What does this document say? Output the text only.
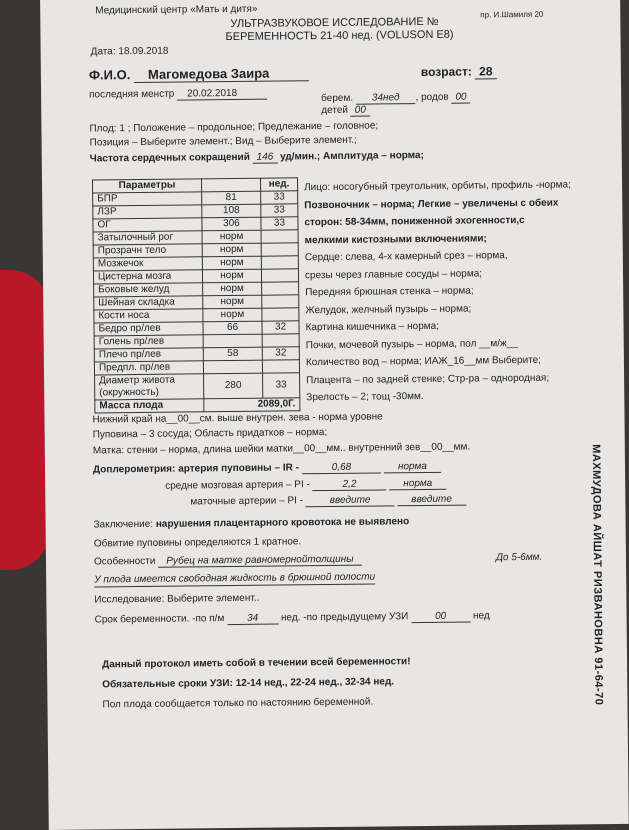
Медицинский центр «Мать и дитя»	пр. И.Шамиля 20
УЛЬТРАЗВУКОВОЕ ИССЛЕДОВАНИЕ №
БЕРЕМЕННОСТЬ 21-40 нед. (VOLUSON E8)
Дата: 18.09.2018
Ф.И.О. Магомедова Заира	возраст: 28
последняя менстр 20.02.2018	берем. 34нед , родов 00
детей 00
Плод: 1 ; Положение – продольное; Предлежание – головное;
Позиция – Выберите элемент.; Вид – Выберите элемент.;
Частота сердечных сокращений 146 уд/мин.; Амплитуда – норма;
Параметры		нед.
БПР	81	33
ЛЗР	108	33
ОГ	306	33
Затылочный рог	норм	
Прозрачн тело	норм	
Мозжечок	норм	
Цистерна мозга	норм	
Боковые желуд	норм	
Шейная складка	норм	
Кости носа	норм	
Бедро пр/лев	66	32
Голень пр/лев		
Плечо пр/лев	58	32
Предпл. пр/лев		
Диаметр живота (окружность)	280	33
Масса плода	2089,0Г.	
Лицо: носогубный треугольник, орбиты, профиль -норма;
Позвоночник – норма; Легкие – увеличены с обеих
сторон: 58-34мм, пониженной эхогенности,с
мелкими кистозными включениями;
Сердце: слева, 4-х камерный срез – норма,
срезы через главные сосуды – норма;
Передняя брюшная стенка – норма;
Желудок, желчный пузырь – норма;
Картина кишечника – норма;
Почки, мочевой пузырь – норма, пол __м/ж__
Количество вод – норма; ИАЖ_16__мм Выберите;
Плацента – по задней стенке; Стр-ра – однородная;
Зрелость – 2; тощ -30мм.
Нижний край на__00__см. выше внутрен. зева - норма уровне
Пуповина – 3 сосуда; Область придатков – норма;
Матка: стенки – норма, длина шейки матки__00__мм.. внутренний зев__00__мм.
Доплерометрия: артерия пуповины – IR -	0,68	норма
средне мозговая артерия – PI -	2,2	норма
маточные артерии – PI -	введите	введите
Заключение: нарушения плацентарного кровотока не выявлено
Обвитие пуповины определяются 1 кратное.
Особенности Рубец на матке равномернойтолщины	До 5-6мм.
У плода имеется свободная жидкость в брюшной полости
Исследование: Выберите элемент..
Срок беременности. -по п/м 34 нед. -по предыдущему УЗИ	00	нед
Данный протокол иметь собой в течении всей беременности!
Обязательные сроки УЗИ: 12-14 нед., 22-24 нед., 32-34 нед.
Пол плода сообщается только по настоянию беременной.	МАХМУДОВА АЙШАТ РИЗВАНОВНА 91-64-70
